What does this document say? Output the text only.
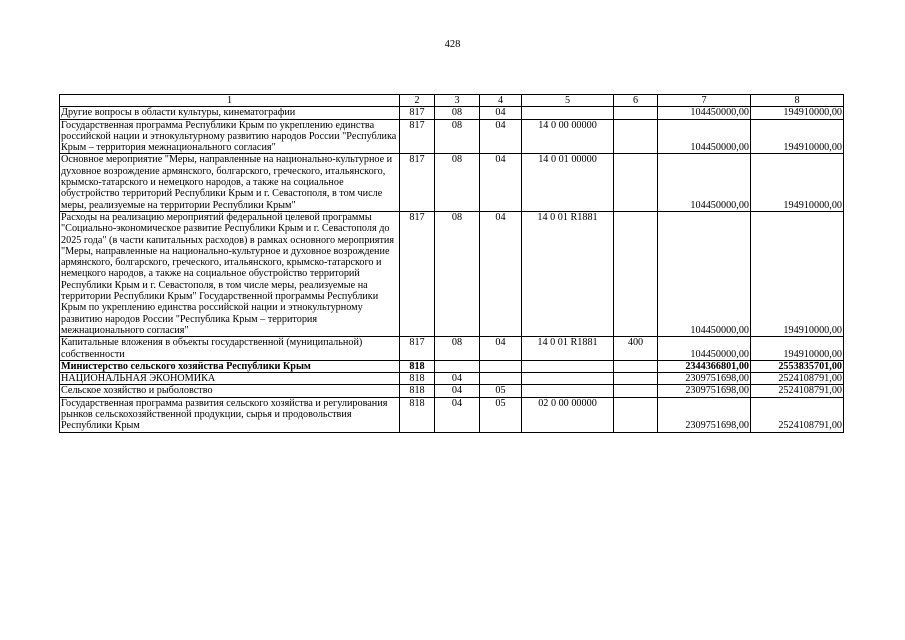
428
1	2	3	4	5	6	7	8
Другие вопросы в области культуры, кинематографии	817	08	04			104450000,00	194910000,00
Государственная программа Республики Крым по укреплению единства российской нации и этнокультурному развитию народов России "Республика Крым – территория межнационального согласия"	817	08	04	14 0 00 00000		104450000,00	194910000,00
Основное мероприятие "Меры, направленные на национально-культурное и духовное возрождение армянского, болгарского, греческого, итальянского, крымско-татарского и немецкого народов, а также на социальное обустройство территорий Республики Крым и г. Севастополя, в том числе меры, реализуемые на территории Республики Крым"	817	08	04	14 0 01 00000		104450000,00	194910000,00
Расходы на реализацию мероприятий федеральной целевой программы "Социально-экономическое развитие Республики Крым и г. Севастополя до 2025 года" (в части капитальных расходов) в рамках основного мероприятия "Меры, направленные на национально-культурное и духовное возрождение армянского, болгарского, греческого, итальянского, крымско-татарского и немецкого народов, а также на социальное обустройство территорий Республики Крым и г. Севастополя, в том числе меры, реализуемые на территории Республики Крым" Государственной программы Республики Крым по укреплению единства российской нации и этнокультурному развитию народов России "Республика Крым – территория межнационального согласия"	817	08	04	14 0 01 R1881		104450000,00	194910000,00
Капитальные вложения в объекты государственной (муниципальной) собственности	817	08	04	14 0 01 R1881	400	104450000,00	194910000,00
Министерство сельского хозяйства Республики Крым	818					2344366801,00	2553835701,00
НАЦИОНАЛЬНАЯ ЭКОНОМИКА	818	04				2309751698,00	2524108791,00
Сельское хозяйство и рыболовство	818	04	05			2309751698,00	2524108791,00
Государственная программа развития сельского хозяйства и регулирования рынков сельскохозяйственной продукции, сырья и продовольствия Республики Крым	818	04	05	02 0 00 00000		2309751698,00	2524108791,00
